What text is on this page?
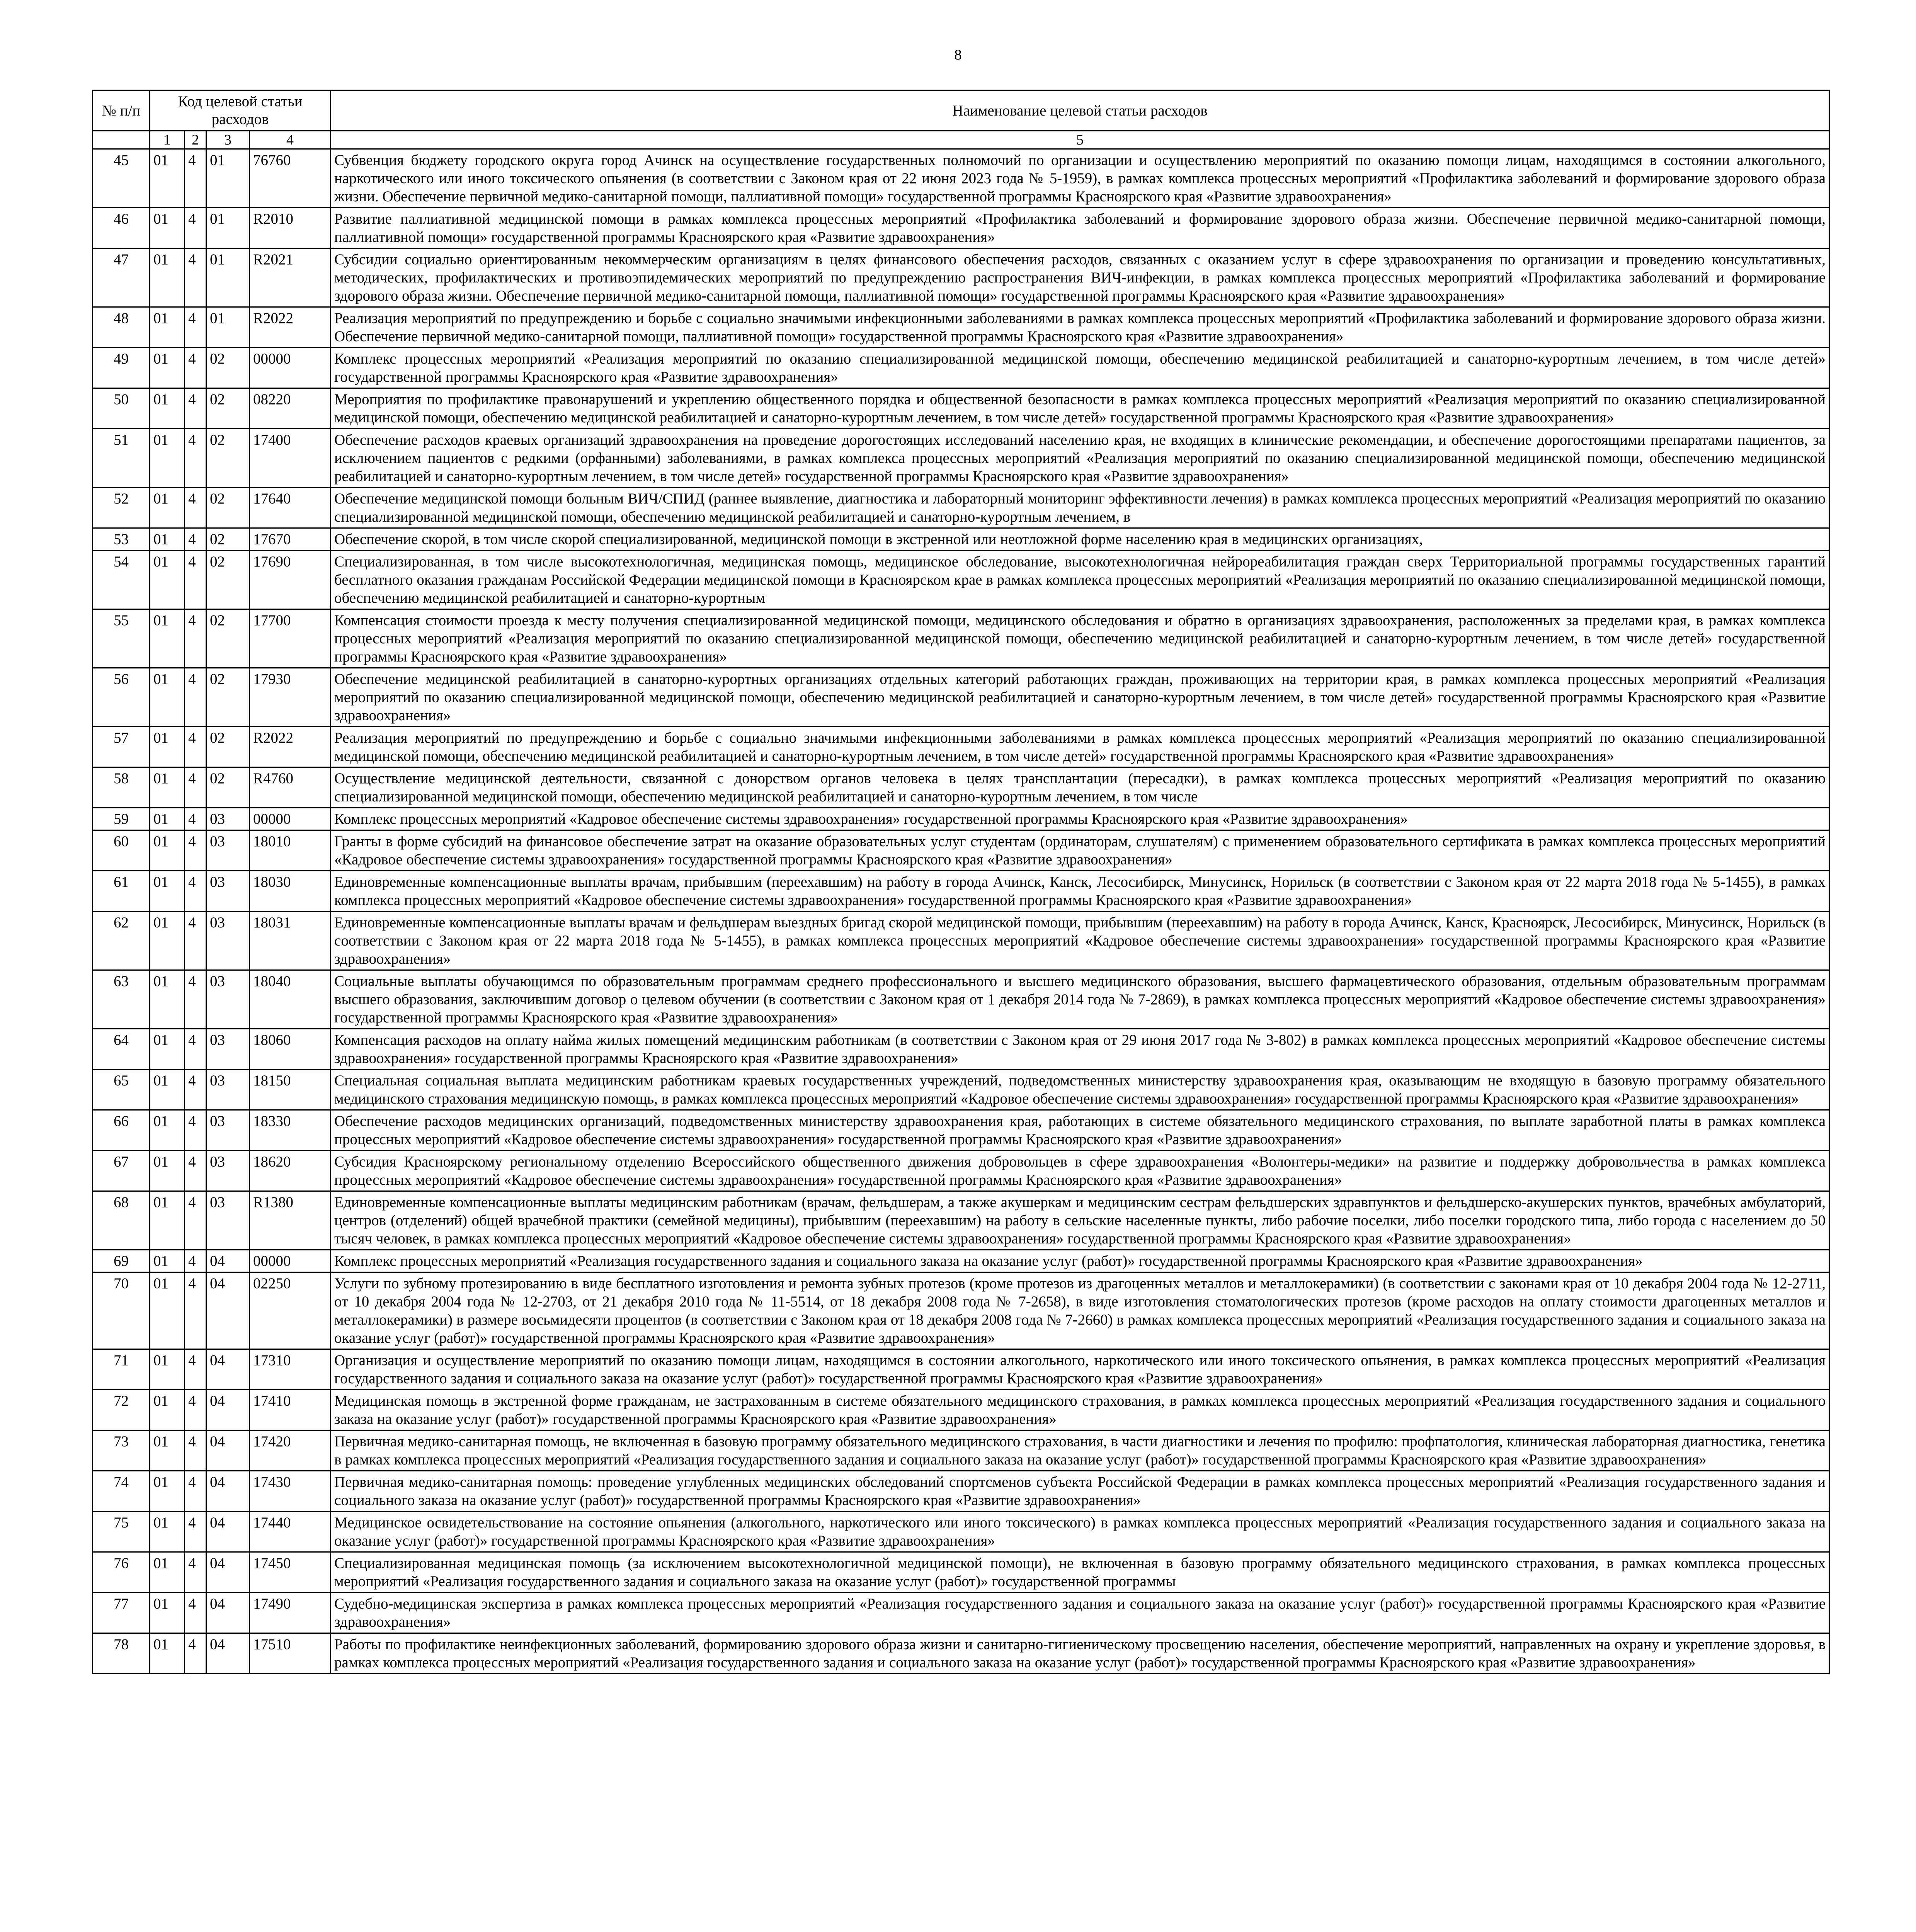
8
№ п/п	Код целевой статьи расходов				Наименование целевой статьи расходов
	1	2	3	4	5
45	01	4	01	76760	Субвенция бюджету городского округа город Ачинск на осуществление государственных полномочий по организации и осуществлению мероприятий по оказанию помощи лицам, находящимся в состоянии алкогольного, наркотического или иного токсического опьянения (в соответствии с Законом края от 22 июня 2023 года № 5-1959), в рамках комплекса процессных мероприятий «Профилактика заболеваний и формирование здорового образа жизни. Обеспечение первичной медико-санитарной помощи, паллиативной помощи» государственной программы Красноярского края «Развитие здравоохранения»
46	01	4	01	R2010	Развитие паллиативной медицинской помощи в рамках комплекса процессных мероприятий «Профилактика заболеваний и формирование здорового образа жизни. Обеспечение первичной медико-санитарной помощи, паллиативной помощи» государственной программы Красноярского края «Развитие здравоохранения»
47	01	4	01	R2021	Субсидии социально ориентированным некоммерческим организациям в целях финансового обеспечения расходов, связанных с оказанием услуг в сфере здравоохранения по организации и проведению консультативных, методических, профилактических и противоэпидемических мероприятий по предупреждению распространения ВИЧ-инфекции, в рамках комплекса процессных мероприятий «Профилактика заболеваний и формирование здорового образа жизни. Обеспечение первичной медико-санитарной помощи, паллиативной помощи» государственной программы Красноярского края «Развитие здравоохранения»
48	01	4	01	R2022	Реализация мероприятий по предупреждению и борьбе с социально значимыми инфекционными заболеваниями в рамках комплекса процессных мероприятий «Профилактика заболеваний и формирование здорового образа жизни. Обеспечение первичной медико-санитарной помощи, паллиативной помощи» государственной программы Красноярского края «Развитие здравоохранения»
49	01	4	02	00000	Комплекс процессных мероприятий «Реализация мероприятий по оказанию специализированной медицинской помощи, обеспечению медицинской реабилитацией и санаторно-курортным лечением, в том числе детей» государственной программы Красноярского края «Развитие здравоохранения»
50	01	4	02	08220	Мероприятия по профилактике правонарушений и укреплению общественного порядка и общественной безопасности в рамках комплекса процессных мероприятий «Реализация мероприятий по оказанию специализированной медицинской помощи, обеспечению медицинской реабилитацией и санаторно-курортным лечением, в том числе детей» государственной программы Красноярского края «Развитие здравоохранения»
51	01	4	02	17400	Обеспечение расходов краевых организаций здравоохранения на проведение дорогостоящих исследований населению края, не входящих в клинические рекомендации, и обеспечение дорогостоящими препаратами пациентов, за исключением пациентов с редкими (орфанными) заболеваниями, в рамках комплекса процессных мероприятий «Реализация мероприятий по оказанию специализированной медицинской помощи, обеспечению медицинской реабилитацией и санаторно-курортным лечением, в том числе детей» государственной программы Красноярского края «Развитие здравоохранения»
52	01	4	02	17640	Обеспечение медицинской помощи больным ВИЧ/СПИД (раннее выявление, диагностика и лабораторный мониторинг эффективности лечения) в рамках комплекса процессных мероприятий «Реализация мероприятий по оказанию специализированной медицинской помощи, обеспечению медицинской реабилитацией и санаторно-курортным лечением, в
53	01	4	02	17670	Обеспечение скорой, в том числе скорой специализированной, медицинской помощи в экстренной или неотложной форме населению края в медицинских организациях,
54	01	4	02	17690	Специализированная, в том числе высокотехнологичная, медицинская помощь, медицинское обследование, высокотехнологичная нейрореабилитация граждан сверх Территориальной программы государственных гарантий бесплатного оказания гражданам Российской Федерации медицинской помощи в Красноярском крае в рамках комплекса процессных мероприятий «Реализация мероприятий по оказанию специализированной медицинской помощи, обеспечению медицинской реабилитацией и санаторно-курортным
55	01	4	02	17700	Компенсация стоимости проезда к месту получения специализированной медицинской помощи, медицинского обследования и обратно в организациях здравоохранения, расположенных за пределами края, в рамках комплекса процессных мероприятий «Реализация мероприятий по оказанию специализированной медицинской помощи, обеспечению медицинской реабилитацией и санаторно-курортным лечением, в том числе детей» государственной программы Красноярского края «Развитие здравоохранения»
56	01	4	02	17930	Обеспечение медицинской реабилитацией в санаторно-курортных организациях отдельных категорий работающих граждан, проживающих на территории края, в рамках комплекса процессных мероприятий «Реализация мероприятий по оказанию специализированной медицинской помощи, обеспечению медицинской реабилитацией и санаторно-курортным лечением, в том числе детей» государственной программы Красноярского края «Развитие здравоохранения»
57	01	4	02	R2022	Реализация мероприятий по предупреждению и борьбе с социально значимыми инфекционными заболеваниями в рамках комплекса процессных мероприятий «Реализация мероприятий по оказанию специализированной медицинской помощи, обеспечению медицинской реабилитацией и санаторно-курортным лечением, в том числе детей» государственной программы Красноярского края «Развитие здравоохранения»
58	01	4	02	R4760	Осуществление медицинской деятельности, связанной с донорством органов человека в целях трансплантации (пересадки), в рамках комплекса процессных мероприятий «Реализация мероприятий по оказанию специализированной медицинской помощи, обеспечению медицинской реабилитацией и санаторно-курортным лечением, в том числе
59	01	4	03	00000	Комплекс процессных мероприятий «Кадровое обеспечение системы здравоохранения» государственной программы Красноярского края «Развитие здравоохранения»
60	01	4	03	18010	Гранты в форме субсидий на финансовое обеспечение затрат на оказание образовательных услуг студентам (ординаторам, слушателям) с применением образовательного сертификата в рамках комплекса процессных мероприятий «Кадровое обеспечение системы здравоохранения» государственной программы Красноярского края «Развитие здравоохранения»
61	01	4	03	18030	Единовременные компенсационные выплаты врачам, прибывшим (переехавшим) на работу в города Ачинск, Канск, Лесосибирск, Минусинск, Норильск (в соответствии с Законом края от 22 марта 2018 года № 5-1455), в рамках комплекса процессных мероприятий «Кадровое обеспечение системы здравоохранения» государственной программы Красноярского края «Развитие здравоохранения»
62	01	4	03	18031	Единовременные компенсационные выплаты врачам и фельдшерам выездных бригад скорой медицинской помощи, прибывшим (переехавшим) на работу в города Ачинск, Канск, Красноярск, Лесосибирск, Минусинск, Норильск (в соответствии с Законом края от 22 марта 2018 года № 5-1455), в рамках комплекса процессных мероприятий «Кадровое обеспечение системы здравоохранения» государственной программы Красноярского края «Развитие здравоохранения»
63	01	4	03	18040	Социальные выплаты обучающимся по образовательным программам среднего профессионального и высшего медицинского образования, высшего фармацевтического образования, отдельным образовательным программам высшего образования, заключившим договор о целевом обучении (в соответствии с Законом края от 1 декабря 2014 года № 7-2869), в рамках комплекса процессных мероприятий «Кадровое обеспечение системы здравоохранения» государственной программы Красноярского края «Развитие здравоохранения»
64	01	4	03	18060	Компенсация расходов на оплату найма жилых помещений медицинским работникам (в соответствии с Законом края от 29 июня 2017 года № 3-802) в рамках комплекса процессных мероприятий «Кадровое обеспечение системы здравоохранения» государственной программы Красноярского края «Развитие здравоохранения»
65	01	4	03	18150	Специальная социальная выплата медицинским работникам краевых государственных учреждений, подведомственных министерству здравоохранения края, оказывающим не входящую в базовую программу обязательного медицинского страхования медицинскую помощь, в рамках комплекса процессных мероприятий «Кадровое обеспечение системы здравоохранения» государственной программы Красноярского края «Развитие здравоохранения»
66	01	4	03	18330	Обеспечение расходов медицинских организаций, подведомственных министерству здравоохранения края, работающих в системе обязательного медицинского страхования, по выплате заработной платы в рамках комплекса процессных мероприятий «Кадровое обеспечение системы здравоохранения» государственной программы Красноярского края «Развитие здравоохранения»
67	01	4	03	18620	Субсидия Красноярскому региональному отделению Всероссийского общественного движения добровольцев в сфере здравоохранения «Волонтеры-медики» на развитие и поддержку добровольчества в рамках комплекса процессных мероприятий «Кадровое обеспечение системы здравоохранения» государственной программы Красноярского края «Развитие здравоохранения»
68	01	4	03	R1380	Единовременные компенсационные выплаты медицинским работникам (врачам, фельдшерам, а также акушеркам и медицинским сестрам фельдшерских здравпунктов и фельдшерско-акушерских пунктов, врачебных амбулаторий, центров (отделений) общей врачебной практики (семейной медицины), прибывшим (переехавшим) на работу в сельские населенные пункты, либо рабочие поселки, либо поселки городского типа, либо города с населением до 50 тысяч человек, в рамках комплекса процессных мероприятий «Кадровое обеспечение системы здравоохранения» государственной программы Красноярского края «Развитие здравоохранения»
69	01	4	04	00000	Комплекс процессных мероприятий «Реализация государственного задания и социального заказа на оказание услуг (работ)» государственной программы Красноярского края «Развитие здравоохранения»
70	01	4	04	02250	Услуги по зубному протезированию в виде бесплатного изготовления и ремонта зубных протезов (кроме протезов из драгоценных металлов и металлокерамики) (в соответствии с законами края от 10 декабря 2004 года № 12-2711, от 10 декабря 2004 года № 12-2703, от 21 декабря 2010 года № 11-5514, от 18 декабря 2008 года № 7-2658), в виде изготовления стоматологических протезов (кроме расходов на оплату стоимости драгоценных металлов и металлокерамики) в размере восьмидесяти процентов (в соответствии с Законом края от 18 декабря 2008 года № 7-2660) в рамках комплекса процессных мероприятий «Реализация государственного задания и социального заказа на оказание услуг (работ)» государственной программы Красноярского края «Развитие здравоохранения»
71	01	4	04	17310	Организация и осуществление мероприятий по оказанию помощи лицам, находящимся в состоянии алкогольного, наркотического или иного токсического опьянения, в рамках комплекса процессных мероприятий «Реализация государственного задания и социального заказа на оказание услуг (работ)» государственной программы Красноярского края «Развитие здравоохранения»
72	01	4	04	17410	Медицинская помощь в экстренной форме гражданам, не застрахованным в системе обязательного медицинского страхования, в рамках комплекса процессных мероприятий «Реализация государственного задания и социального заказа на оказание услуг (работ)» государственной программы Красноярского края «Развитие здравоохранения»
73	01	4	04	17420	Первичная медико-санитарная помощь, не включенная в базовую программу обязательного медицинского страхования, в части диагностики и лечения по профилю: профпатология, клиническая лабораторная диагностика, генетика в рамках комплекса процессных мероприятий «Реализация государственного задания и социального заказа на оказание услуг (работ)» государственной программы Красноярского края «Развитие здравоохранения»
74	01	4	04	17430	Первичная медико-санитарная помощь: проведение углубленных медицинских обследований спортсменов субъекта Российской Федерации в рамках комплекса процессных мероприятий «Реализация государственного задания и социального заказа на оказание услуг (работ)» государственной программы Красноярского края «Развитие здравоохранения»
75	01	4	04	17440	Медицинское освидетельствование на состояние опьянения (алкогольного, наркотического или иного токсического) в рамках комплекса процессных мероприятий «Реализация государственного задания и социального заказа на оказание услуг (работ)» государственной программы Красноярского края «Развитие здравоохранения»
76	01	4	04	17450	Специализированная медицинская помощь (за исключением высокотехнологичной медицинской помощи), не включенная в базовую программу обязательного медицинского страхования, в рамках комплекса процессных мероприятий «Реализация государственного задания и социального заказа на оказание услуг (работ)» государственной программы
77	01	4	04	17490	Судебно-медицинская экспертиза в рамках комплекса процессных мероприятий «Реализация государственного задания и социального заказа на оказание услуг (работ)» государственной программы Красноярского края «Развитие здравоохранения»
78	01	4	04	17510	Работы по профилактике неинфекционных заболеваний, формированию здорового образа жизни и санитарно-гигиеническому просвещению населения, обеспечение мероприятий, направленных на охрану и укрепление здоровья, в рамках комплекса процессных мероприятий «Реализация государственного задания и социального заказа на оказание услуг (работ)» государственной программы Красноярского края «Развитие здравоохранения»
